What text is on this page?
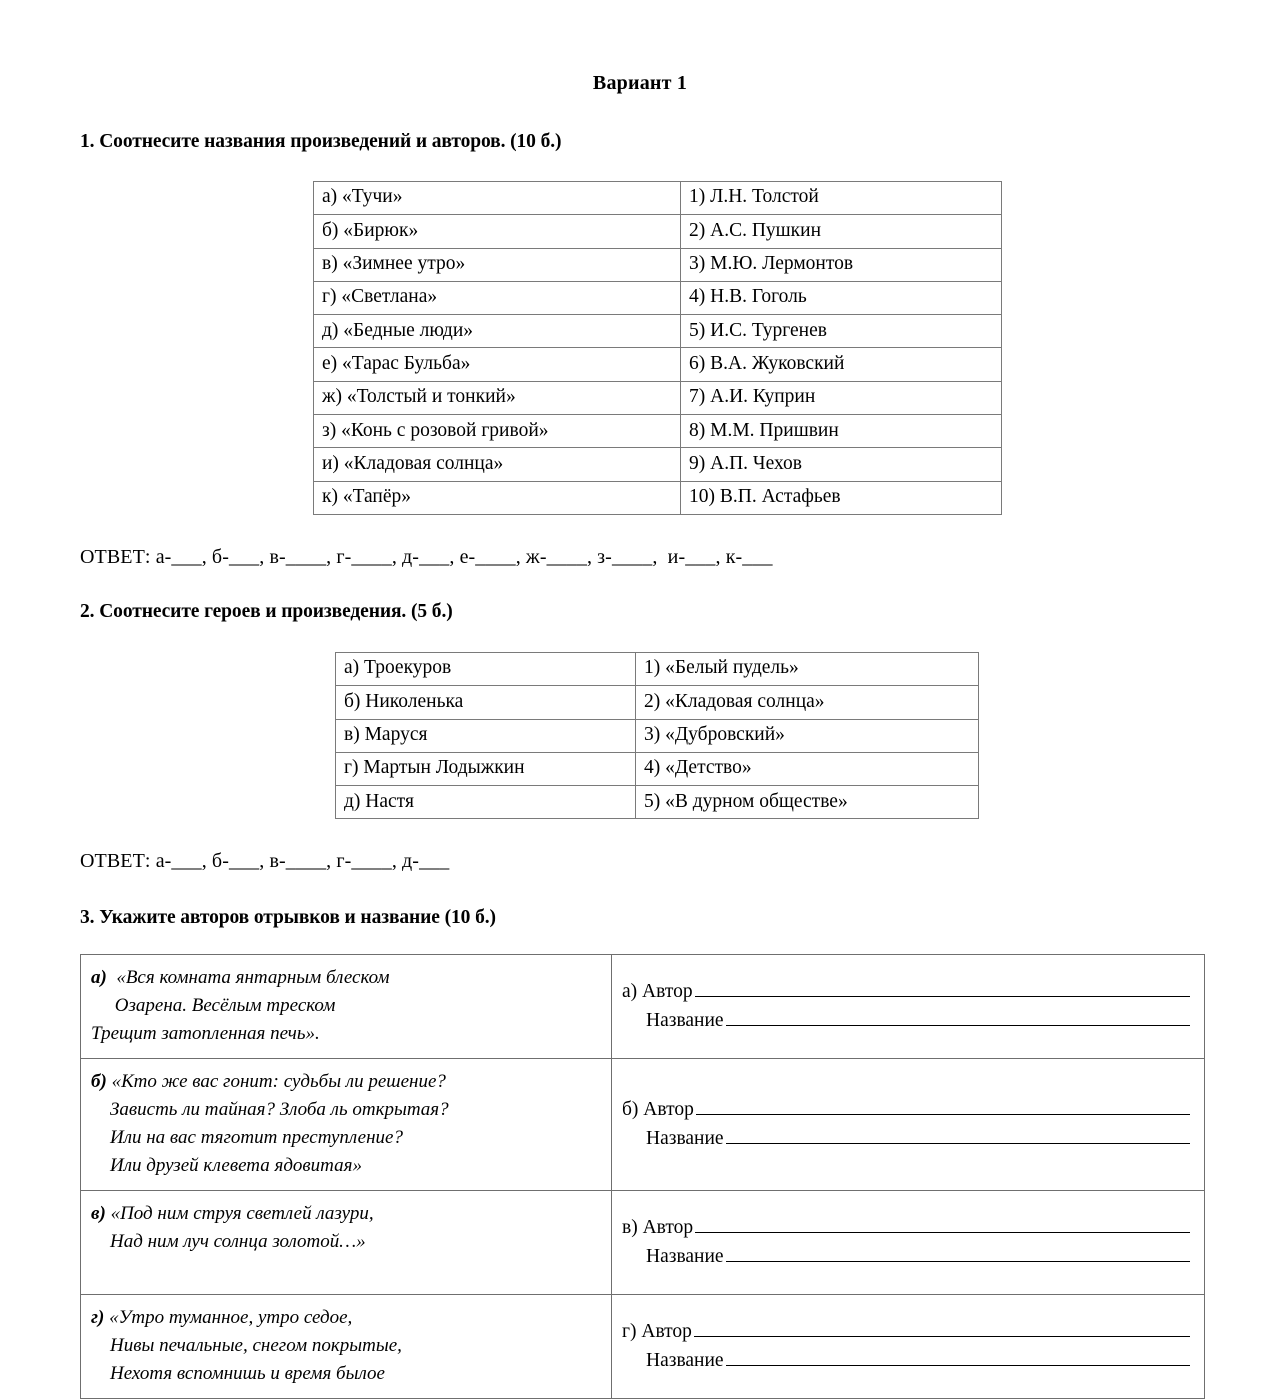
Вариант 1
1. Соотнесите названия произведений и авторов. (10 б.)
а) «Тучи»	1) Л.Н. Толстой
б) «Бирюк»	2) А.С. Пушкин
в) «Зимнее утро»	3) М.Ю. Лермонтов
г) «Светлана»	4) Н.В. Гоголь
д) «Бедные люди»	5) И.С. Тургенев
е) «Тарас Бульба»	6) В.А. Жуковский
ж) «Толстый и тонкий»	7) А.И. Куприн
з) «Конь с розовой гривой»	8) М.М. Пришвин
и) «Кладовая солнца»	9) А.П. Чехов
к) «Тапёр»	10) В.П. Астафьев
ОТВЕТ: а-___, б-___, в-____, г-____, д-___, е-____, ж-____, з-____,  и-___, к-___
2. Соотнесите героев и произведения. (5 б.)
а) Троекуров	1) «Белый пудель»
б) Николенька	2) «Кладовая солнца»
в) Маруся	3) «Дубровский»
г) Мартын Лодыжкин	4) «Детство»
д) Настя	5) «В дурном обществе»
ОТВЕТ: а-___, б-___, в-____, г-____, д-___
3. Укажите авторов отрывков и название (10 б.)
а)  «Вся комната янтарным блеском
Озарена. Весёлым треском
Трещит затопленная печь».

а) Автор
Название

б) «Кто же вас гонит: судьбы ли решение?
Зависть ли тайная? Злоба ль открытая?
Или на вас тяготит преступление?
Или друзей клевета ядовитая»

б) Автор
Название

в) «Под ним струя светлей лазури,
Над ним луч солнца золотой…»

в) Автор
Название

г) «Утро туманное, утро седое,
Нивы печальные, снегом покрытые,
Нехотя вспомнишь и время былое

г) Автор
Название
